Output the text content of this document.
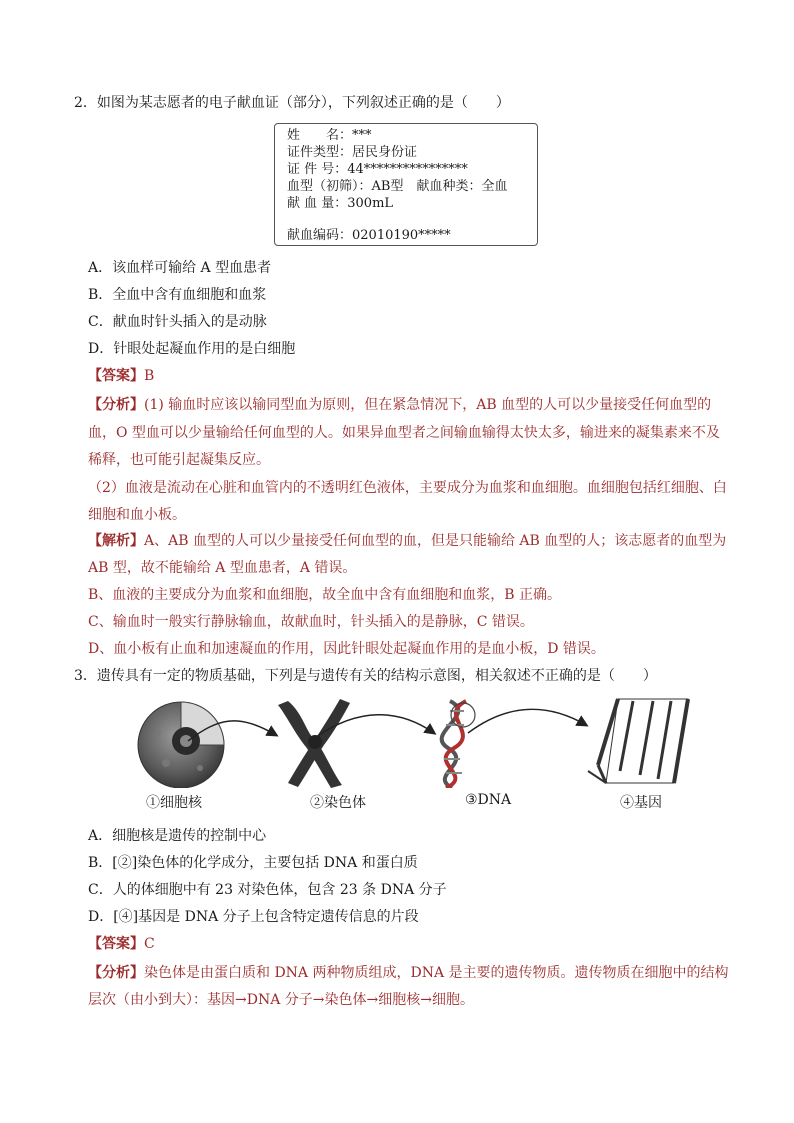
2．如图为某志愿者的电子献血证（部分），下列叙述正确的是（　　）
姓　　名：***
证件类型：居民身份证
证 件 号：44****************
血型（初筛）：AB型　献血种类：全血
献 血 量：300mL
献血编码：02010190*****
A．该血样可输给 A 型血患者
B．全血中含有血细胞和血浆
C．献血时针头插入的是动脉
D．针眼处起凝血作用的是白细胞
【答案】B
【分析】(1) 输血时应该以输同型血为原则，但在紧急情况下，AB 血型的人可以少量接受任何血型的
血，O 型血可以少量输给任何血型的人。如果异血型者之间输血输得太快太多，输进来的凝集素来不及
稀释，也可能引起凝集反应。
（2）血液是流动在心脏和血管内的不透明红色液体，主要成分为血浆和血细胞。血细胞包括红细胞、白
细胞和血小板。
【解析】A、AB 血型的人可以少量接受任何血型的血，但是只能输给 AB 血型的人；该志愿者的血型为
AB 型，故不能输给 A 型血患者，A 错误。
B、血液的主要成分为血浆和血细胞，故全血中含有血细胞和血浆，B 正确。
C、输血时一般实行静脉输血，故献血时，针头插入的是静脉，C 错误。
D、血小板有止血和加速凝血的作用，因此针眼处起凝血作用的是血小板，D 错误。
3．遗传具有一定的物质基础，下列是与遗传有关的结构示意图，相关叙述不正确的是（　　）
①细胞核	②染色体	③DNA	④基因
A．细胞核是遗传的控制中心
B．[②]染色体的化学成分，主要包括 DNA 和蛋白质
C．人的体细胞中有 23 对染色体，包含 23 条 DNA 分子
D．[④]基因是 DNA 分子上包含特定遗传信息的片段
【答案】C
【分析】染色体是由蛋白质和 DNA 两种物质组成，DNA 是主要的遗传物质。遗传物质在细胞中的结构
层次（由小到大）：基因→DNA 分子→染色体→细胞核→细胞。
